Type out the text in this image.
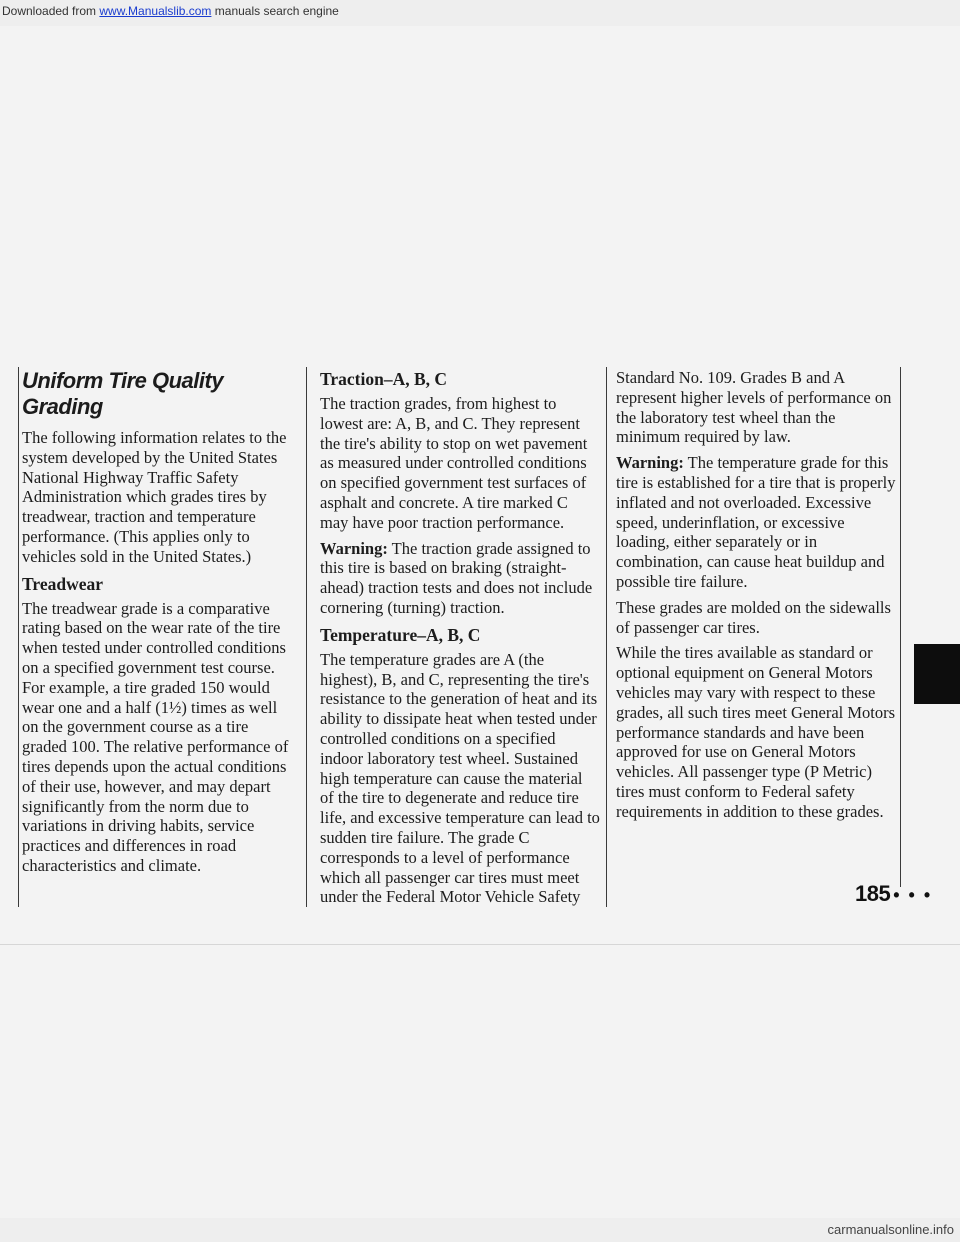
Downloaded from www.Manualslib.com manuals search engine
Uniform Tire Quality Grading

The following information relates to the system developed by the United States National Highway Traffic Safety Administration which grades tires by treadwear, traction and temperature performance. (This applies only to vehicles sold in the United States.)

Treadwear

The treadwear grade is a comparative rating based on the wear rate of the tire when tested under controlled conditions on a specified government test course. For example, a tire graded 150 would wear one and a half (1½) times as well on the government course as a tire graded 100. The relative performance of tires depends upon the actual conditions of their use, however, and may depart significantly from the norm due to variations in driving habits, service practices and differences in road characteristics and climate.

Traction–A, B, C

The traction grades, from highest to lowest are: A, B, and C. They represent the tire's ability to stop on wet pavement as measured under controlled conditions on specified government test surfaces of asphalt and concrete. A tire marked C may have poor traction performance.

Warning: The traction grade assigned to this tire is based on braking (straight-ahead) traction tests and does not include cornering (turning) traction.

Temperature–A, B, C

The temperature grades are A (the highest), B, and C, representing the tire's resistance to the generation of heat and its ability to dissipate heat when tested under controlled conditions on a specified indoor laboratory test wheel. Sustained high temperature can cause the material of the tire to degenerate and reduce tire life, and excessive temperature can lead to sudden tire failure. The grade C corresponds to a level of performance which all passenger car tires must meet under the Federal Motor Vehicle Safety

Standard No. 109. Grades B and A represent higher levels of performance on the laboratory test wheel than the minimum required by law.

Warning: The temperature grade for this tire is established for a tire that is properly inflated and not overloaded. Excessive speed, underinflation, or excessive loading, either separately or in combination, can cause heat buildup and possible tire failure.

These grades are molded on the sidewalls of passenger car tires.

While the tires available as standard or optional equipment on General Motors vehicles may vary with respect to these grades, all such tires meet General Motors performance standards and have been approved for use on General Motors vehicles. All passenger type (P Metric) tires must conform to Federal safety requirements in addition to these grades.

185 • • •
carmanualsonline.info
